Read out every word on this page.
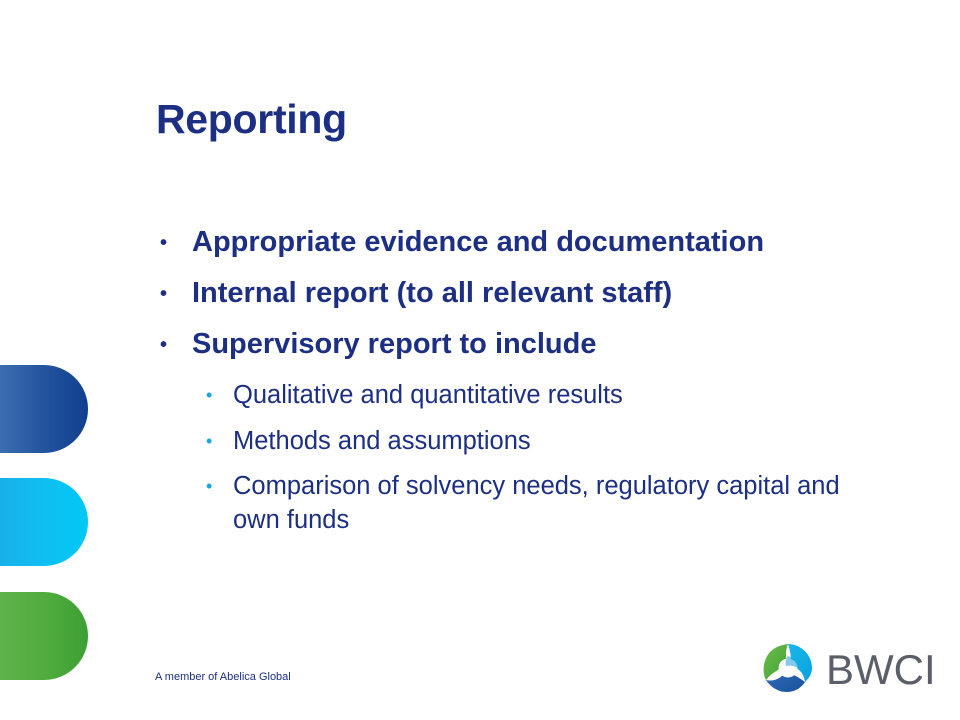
Reporting
• Appropriate evidence and documentation
• Internal report (to all relevant staff)
• Supervisory report to include
• Qualitative and quantitative results
• Methods and assumptions
• Comparison of solvency needs, regulatory capital and own funds
A member of Abelica Global	BWCI
